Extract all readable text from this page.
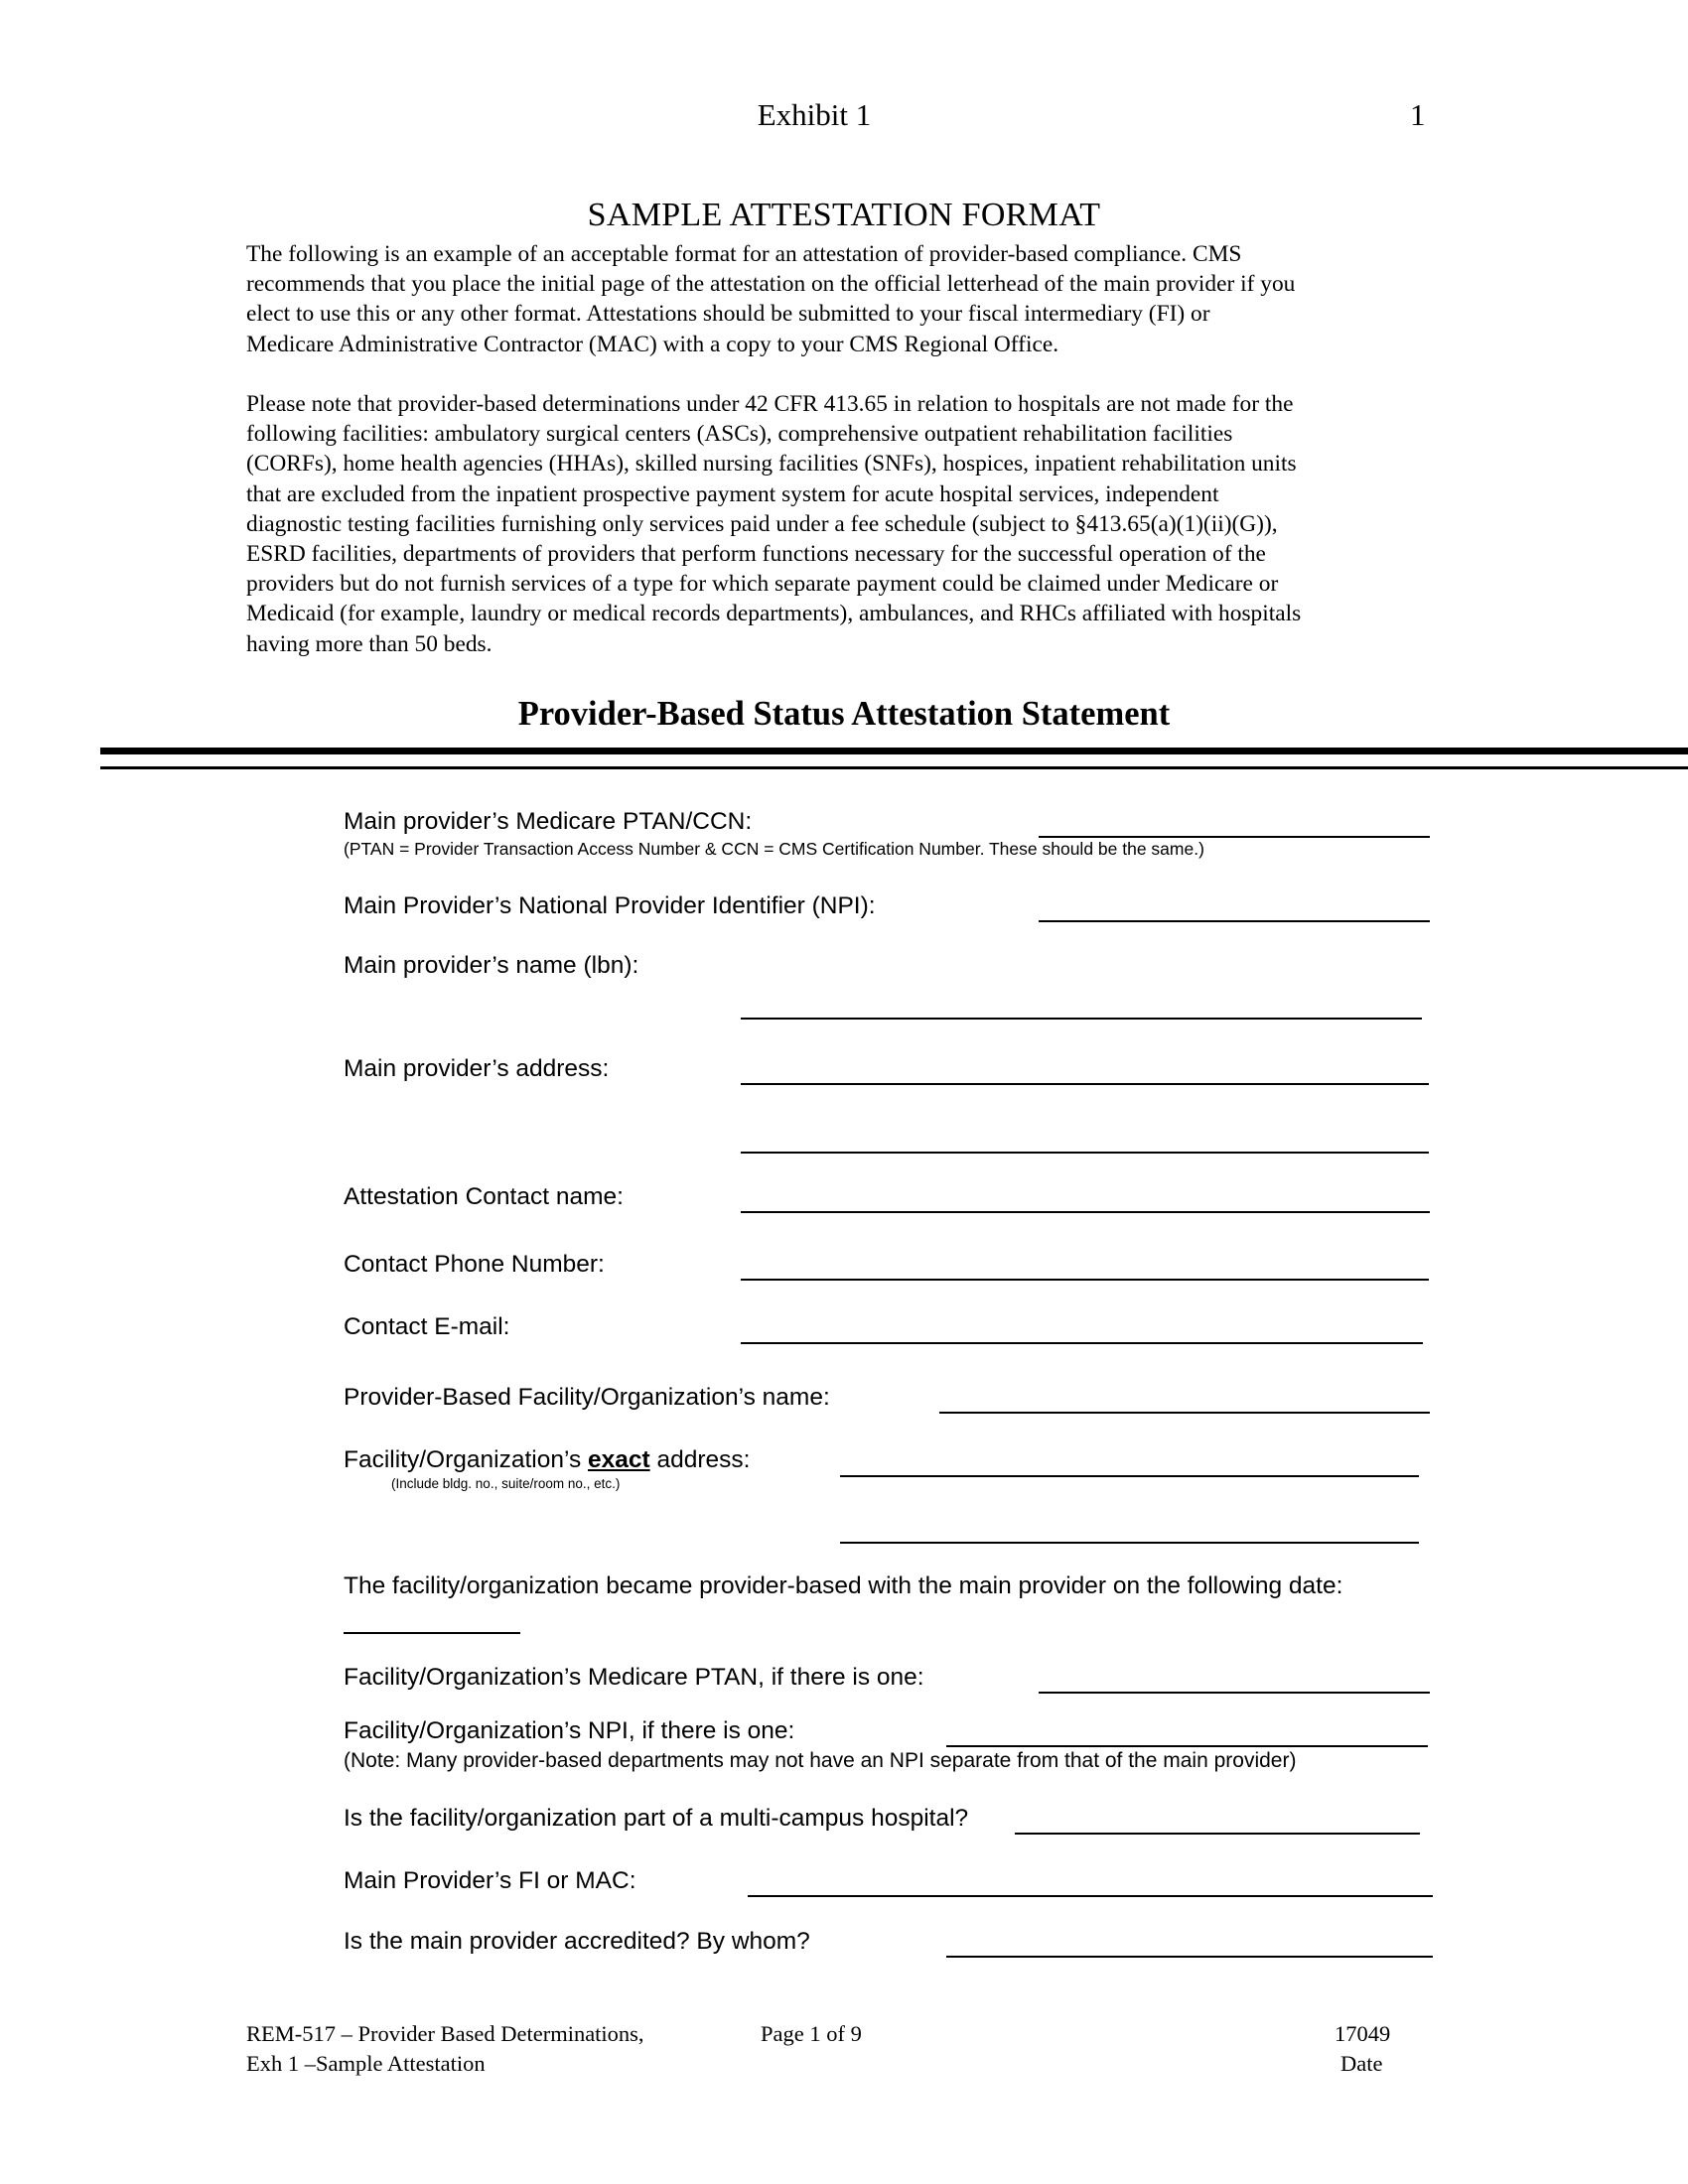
Exhibit 1	1
SAMPLE ATTESTATION FORMAT
The following is an example of an acceptable format for an attestation of provider-based compliance. CMS
recommends that you place the initial page of the attestation on the official letterhead of the main provider if you
elect to use this or any other format. Attestations should be submitted to your fiscal intermediary (FI) or
Medicare Administrative Contractor (MAC) with a copy to your CMS Regional Office.
Please note that provider-based determinations under 42 CFR 413.65 in relation to hospitals are not made for the
following facilities: ambulatory surgical centers (ASCs), comprehensive outpatient rehabilitation facilities
(CORFs), home health agencies (HHAs), skilled nursing facilities (SNFs), hospices, inpatient rehabilitation units
that are excluded from the inpatient prospective payment system for acute hospital services, independent
diagnostic testing facilities furnishing only services paid under a fee schedule (subject to §413.65(a)(1)(ii)(G)),
ESRD facilities, departments of providers that perform functions necessary for the successful operation of the
providers but do not furnish services of a type for which separate payment could be claimed under Medicare or
Medicaid (for example, laundry or medical records departments), ambulances, and RHCs affiliated with hospitals
having more than 50 beds.
Provider-Based Status Attestation Statement
Main provider’s Medicare PTAN/CCN:
(PTAN = Provider Transaction Access Number & CCN = CMS Certification Number. These should be the same.)
Main Provider’s National Provider Identifier (NPI):
Main provider’s name (lbn):
Main provider’s address:
Attestation Contact name:
Contact Phone Number:
Contact E-mail:
Provider-Based Facility/Organization’s name:
Facility/Organization’s exact address:
(Include bldg. no., suite/room no., etc.)
The facility/organization became provider-based with the main provider on the following date:
Facility/Organization’s Medicare PTAN, if there is one:
Facility/Organization’s NPI, if there is one:
(Note: Many provider-based departments may not have an NPI separate from that of the main provider)
Is the facility/organization part of a multi-campus hospital?
Main Provider’s FI or MAC:
Is the main provider accredited? By whom?
REM-517 – Provider Based Determinations,
Exh 1 –Sample Attestation
Page 1 of 9	17049
Date
